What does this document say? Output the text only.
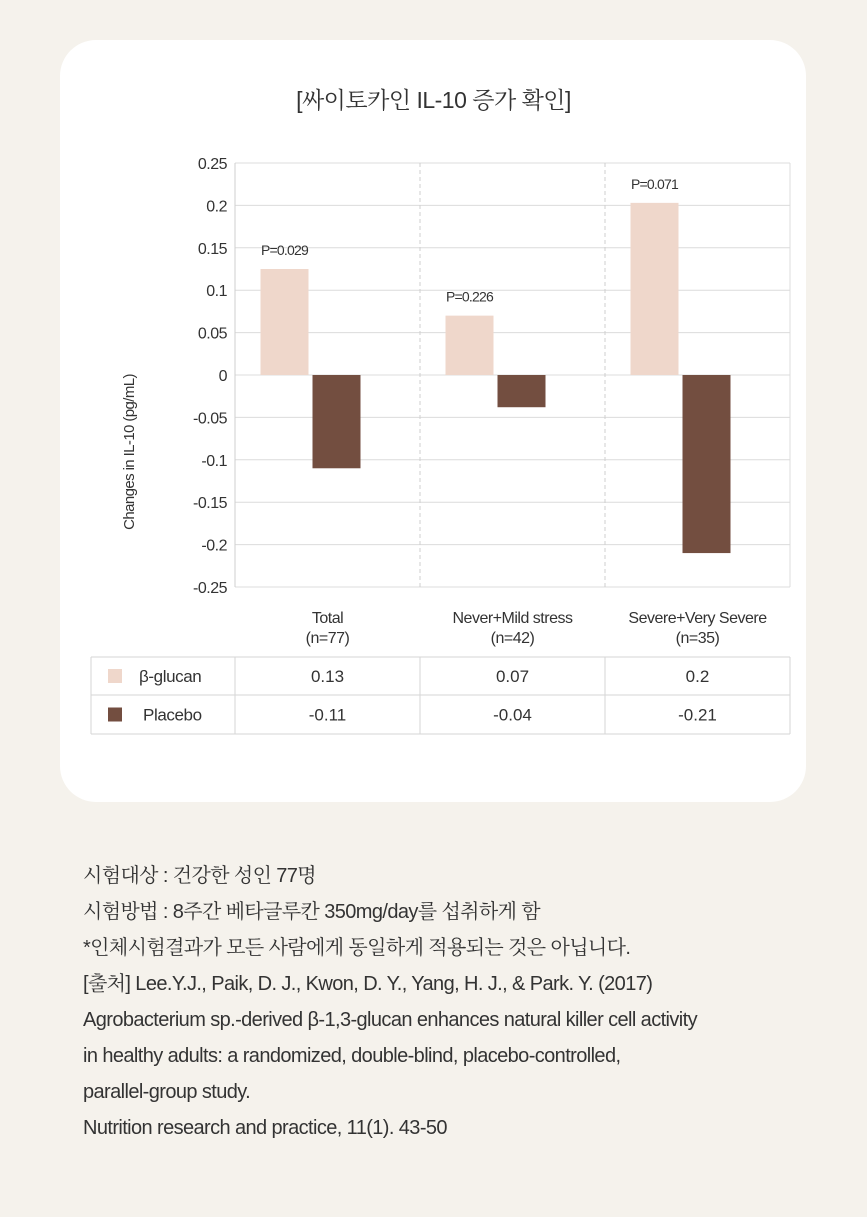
[싸이토카인 IL-10 증가 확인]
0.25
0.2
0.15
0.1
0.05
0
-0.05
-0.1
-0.15
-0.2
-0.25
Changes in IL-10 (pg/mL)
P=0.029
Total
(n=77)
P=0.226
Never+Mild stress
(n=42)
P=0.071
Severe+Very Severe
(n=35)
β-glucan	0.13	0.07	0.2
Placebo	-0.11	-0.04	-0.21
시험대상 : 건강한 성인 77명
시험방법 : 8주간 베타글루칸 350mg/day를 섭취하게 함
*인체시험결과가 모든 사람에게 동일하게 적용되는 것은 아닙니다.
[출처] Lee.Y.J., Paik, D. J., Kwon, D. Y., Yang, H. J., & Park. Y. (2017)
Agrobacterium sp.-derived β-1,3-glucan enhances natural killer cell activity
in healthy adults: a randomized, double-blind, placebo-controlled,
parallel-group study.
Nutrition research and practice, 11(1). 43-50
